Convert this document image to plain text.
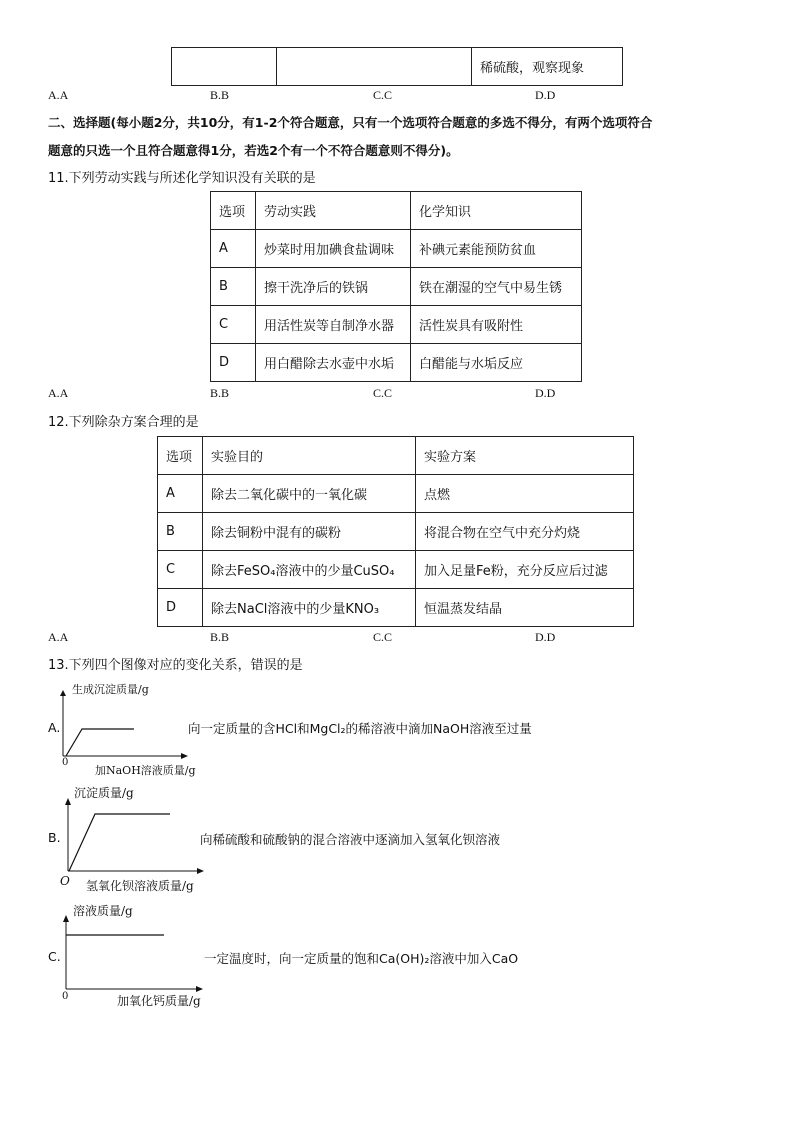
		稀硫酸，观察现象
A.A	B.B	C.C	D.D
二、选择题(每小题2分，共10分，有1-2个符合题意，只有一个选项符合题意的多选不得分，有两个选项符合
题意的只选一个且符合题意得1分，若选2个有一个不符合题意则不得分)。
11.下列劳动实践与所述化学知识没有关联的是
选项	劳动实践	化学知识
A	炒菜时用加碘食盐调味	补碘元素能预防贫血
B	擦干洗净后的铁锅	铁在潮湿的空气中易生锈
C	用活性炭等自制净水器	活性炭具有吸附性
D	用白醋除去水壶中水垢	白醋能与水垢反应
A.A	B.B	C.C	D.D
12.下列除杂方案合理的是
选项	实验目的	实验方案
A	除去二氧化碳中的一氧化碳	点燃
B	除去铜粉中混有的碳粉	将混合物在空气中充分灼烧
C	除去FeSO₄溶液中的少量CuSO₄	加入足量Fe粉，充分反应后过滤
D	除去NaCl溶液中的少量KNO₃	恒温蒸发结晶
A.A	B.B	C.C	D.D
13.下列四个图像对应的变化关系，错误的是
A.
生成沉淀质量/g
0
加NaOH溶液质量/g
向一定质量的含HCl和MgCl₂的稀溶液中滴加NaOH溶液至过量
B.
沉淀质量/g
O 氢氧化钡溶液质量/g
向稀硫酸和硫酸钠的混合溶液中逐滴加入氢氧化钡溶液
C.
溶液质量/g
0	加氧化钙质量/g
一定温度时，向一定质量的饱和Ca(OH)₂溶液中加入CaO
